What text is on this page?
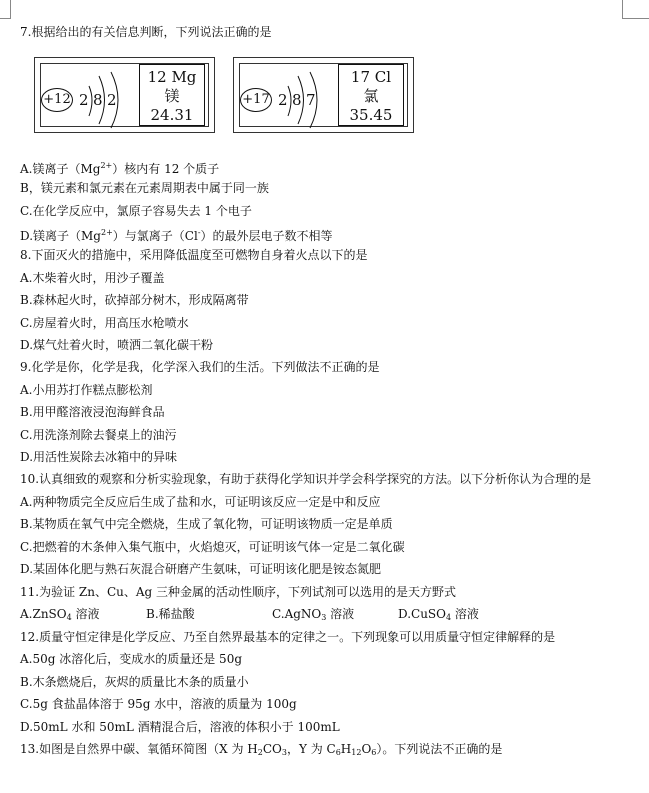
7.根据给出的有关信息判断，下列说法正确的是
+12 2 8 2
12 Mg
镁
24.31
+17 2 8 7
17 Cl
氯
35.45
A.镁离子$(Mg^{2+})$核内有 12 个质子
B，镁元素和氯元素在元素周期表中属于同一族
C.在化学反应中，氯原子容易失去 1 个电子
D.镁离子$(Mg^{2+})$与氯离子（Cl-）的最外层电子数不相等
8.下面灭火的措施中，采用降低温度至可燃物自身着火点以下的是
A.木柴着火时，用沙子覆盖
B.森林起火时，砍掉部分树木，形成隔离带
C.房屋着火时，用高压水枪喷水
D.煤气灶着火时，喷洒二氧化碳干粉
9.化学是你，化学是我，化学深入我们的生活。下列做法不正确的是
A.小用苏打作糕点膨松剂
B.用甲醛溶液浸泡海鲜食品
C.用洗涤剂除去餐桌上的油污
D.用活性炭除去冰箱中的异味
10.认真细致的观察和分析实验现象，有助于获得化学知识并学会科学探究的方法。以下分析你认为合理的是
A.两种物质完全反应后生成了盐和水，可证明该反应一定是中和反应
B.某物质在氧气中完全燃烧，生成了氧化物，可证明该物质一定是单质
C.把燃着的木条伸入集气瓶中，火焰熄灭，可证明该气体一定是二氧化碳
D.某固体化肥与熟石灰混合研磨产生氨味，可证明该化肥是铵态氮肥
11.为验证 Zn、Cu、Ag 三种金属的活动性顺序，下列试剂可以选用的是天方野式
A.ZnSO$_4$ 溶液	B.稀盐酸	C.AgNO$_3$ 溶液	D.CuSO$_4$ 溶液
12.质量守恒定律是化学反应、乃至自然界最基本的定律之一。下列现象可以用质量守恒定律解释的是
A.50g 冰溶化后，变成水的质量还是 50g
B.木条燃烧后，灰烬的质量比木条的质量小
C.5g 食盐晶体溶于 95g 水中，溶液的质量为 100g
D.50mL 水和 50mL 酒精混合后，溶液的体积小于 100mL
13.如图是自然界中碳、氧循环简图（X 为 $H_2CO_3$，Y 为 $C_6H_{12}O_6$）。下列说法不正确的是
